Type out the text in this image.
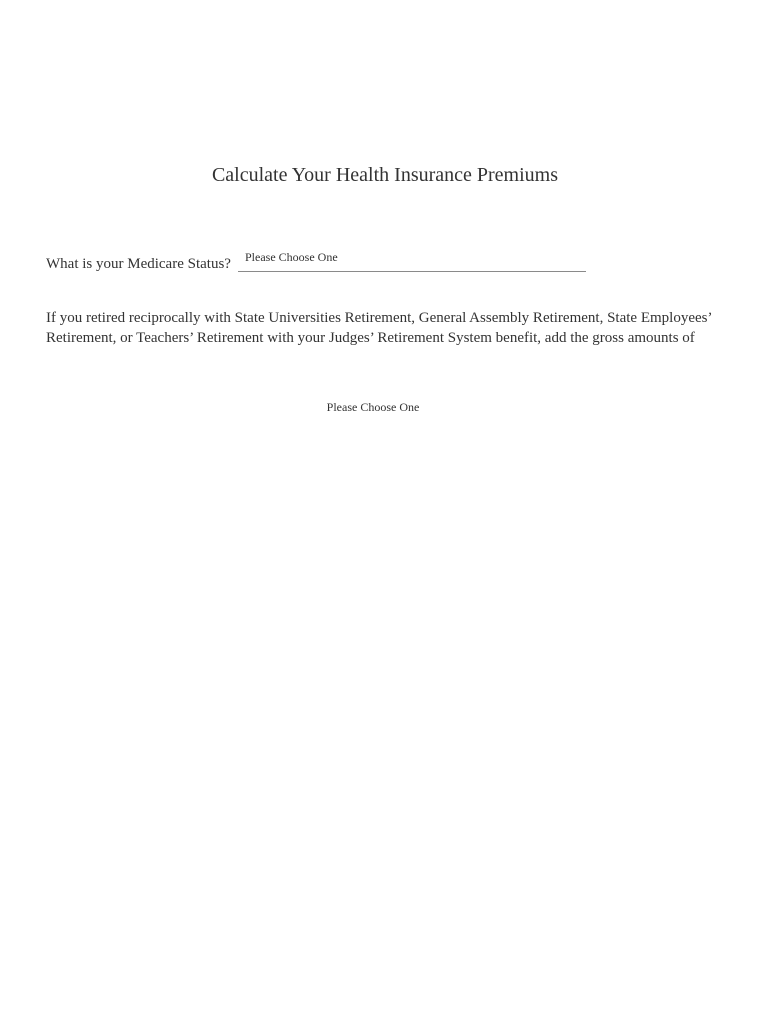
Calculate Your Health Insurance Premiums
What is your Medicare Status? Please Choose One
If you retired reciprocally with State Universities Retirement, General Assembly Retirement, State Employees’
Retirement, or Teachers’ Retirement with your Judges’ Retirement System benefit, add the gross amounts of
Please Choose One
